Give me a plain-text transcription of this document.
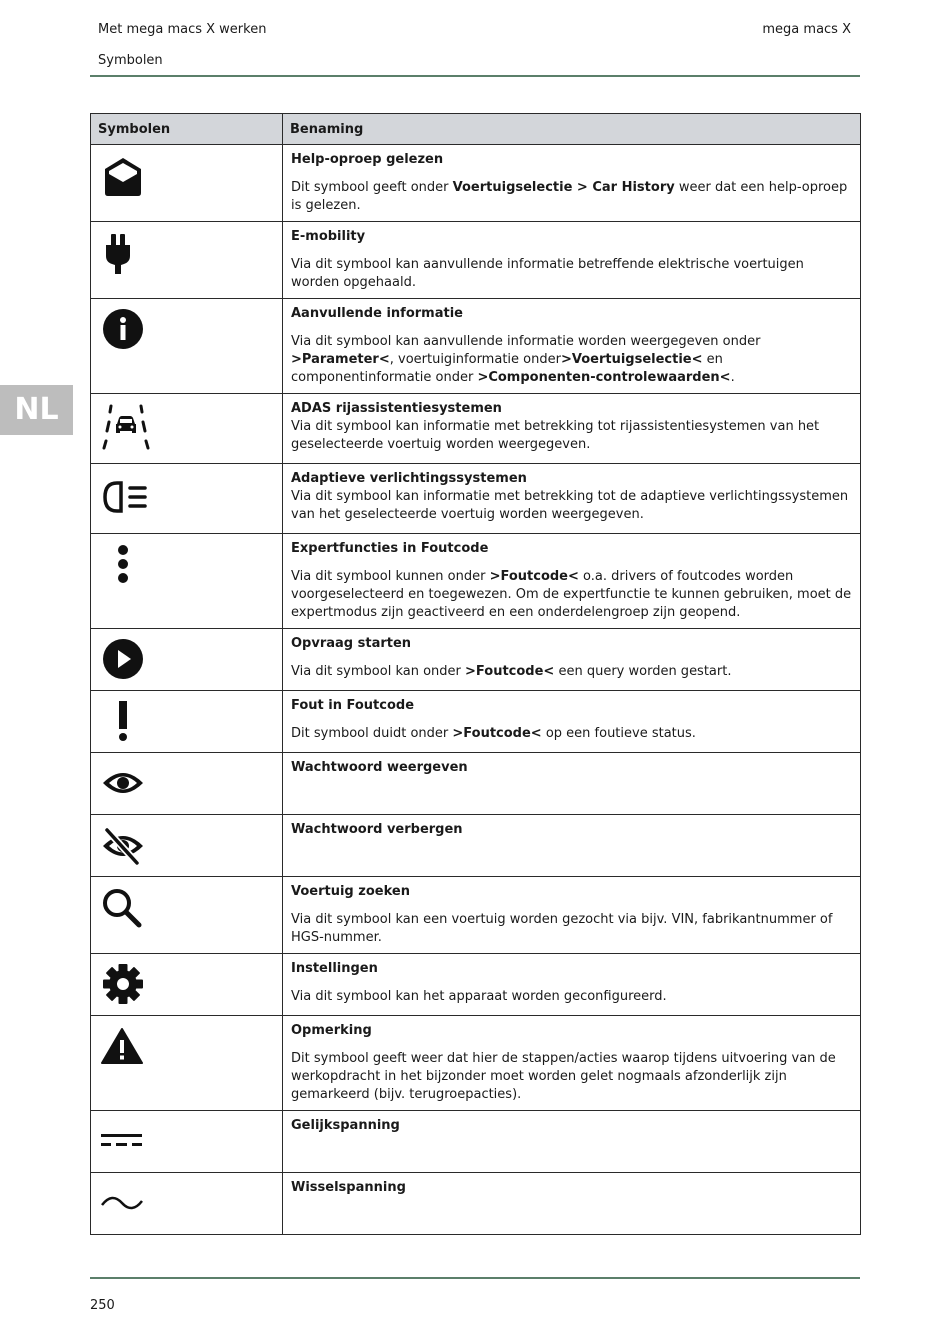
Met mega macs X werken	mega macs X
Symbolen
NL
Symbolen	Benaming

Help-oproep gelezen

Dit symbool geeft onder Voertuigselectie > Car History weer dat een help-oproep is gelezen.

E-mobility

Via dit symbool kan aanvullende informatie betreffende elektrische voertuigen worden opgehaald.

Aanvullende informatie

Via dit symbool kan aanvullende informatie worden weergegeven onder >Parameter<, voertuiginformatie onder>Voertuigselectie< en componentinformatie onder >Componenten-controlewaarden<.

ADAS rijassistentiesystemen

Via dit symbool kan informatie met betrekking tot rijassistentiesystemen van het geselecteerde voertuig worden weergegeven.

Adaptieve verlichtingssystemen

Via dit symbool kan informatie met betrekking tot de adaptieve verlichtingssystemen van het geselecteerde voertuig worden weergegeven.

Expertfuncties in Foutcode

Via dit symbool kunnen onder >Foutcode< o.a. drivers of foutcodes worden voorgeselecteerd en toegewezen. Om de expertfunctie te kunnen gebruiken, moet de expertmodus zijn geactiveerd en een onderdelengroep zijn geopend.

Opvraag starten

Via dit symbool kan onder >Foutcode< een query worden gestart.

Fout in Foutcode

Dit symbool duidt onder >Foutcode< op een foutieve status.

Wachtwoord weergeven

Wachtwoord verbergen

Voertuig zoeken

Via dit symbool kan een voertuig worden gezocht via bijv. VIN, fabrikantnummer of HGS-nummer.

Instellingen

Via dit symbool kan het apparaat worden geconfigureerd.

Opmerking

Dit symbool geeft weer dat hier de stappen/acties waarop tijdens uitvoering van de werkopdracht in het bijzonder moet worden gelet nogmaals afzonderlijk zijn gemarkeerd (bijv. terugroepacties).

Gelijkspanning

Wisselspanning

250
